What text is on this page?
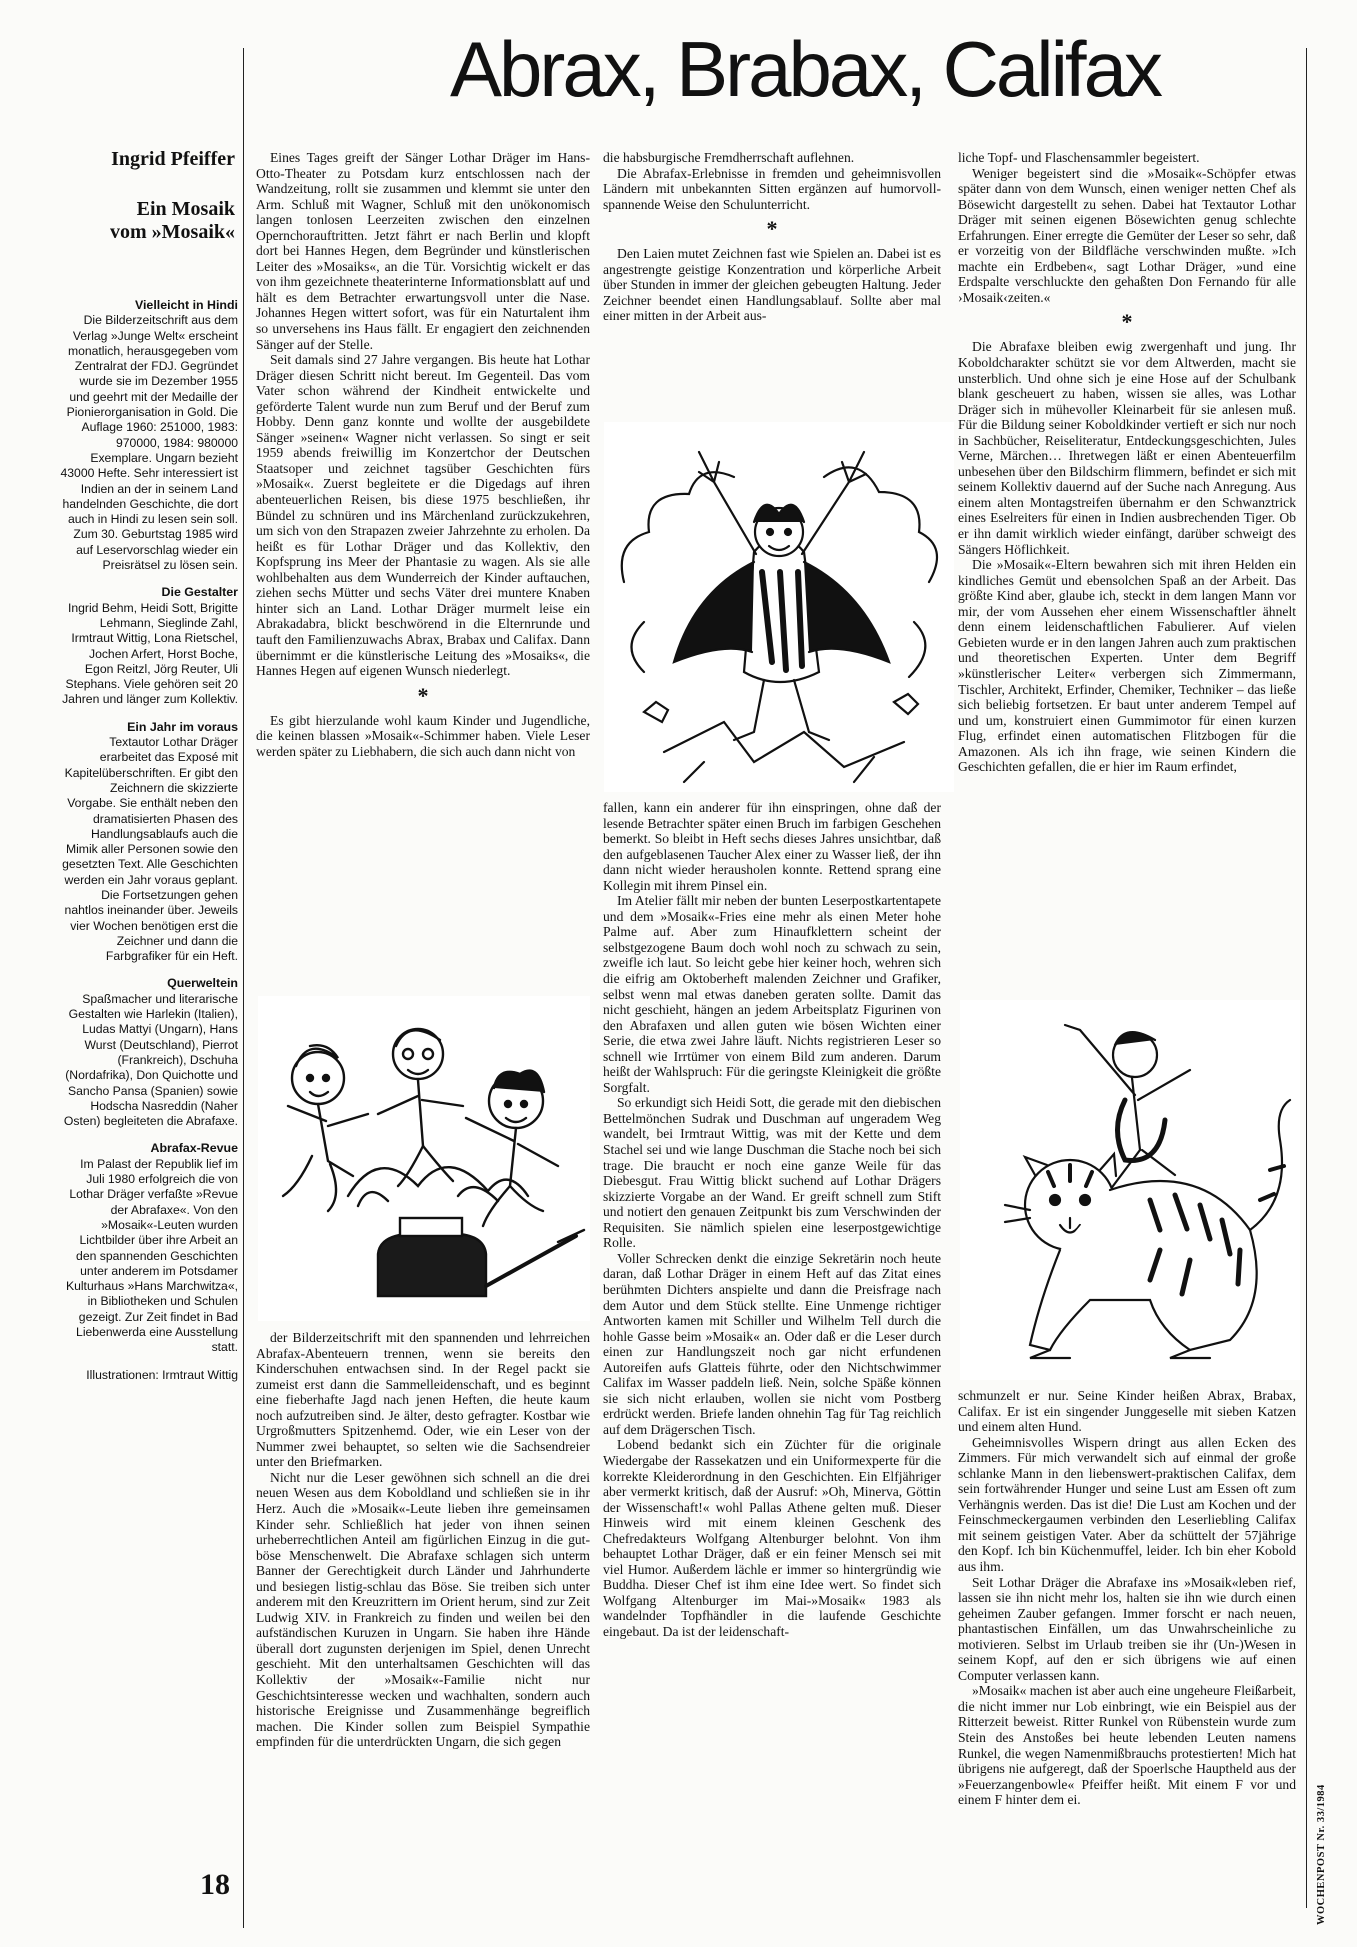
Abrax, Brabax, Califax
Ingrid Pfeiffer
Ein Mosaik vom »Mosaik«
Vielleicht in Hindi

Die Bilderzeitschrift aus dem Verlag »Junge Welt« erscheint monatlich, herausgegeben vom Zentralrat der FDJ. Gegründet wurde sie im Dezember 1955 und geehrt mit der Medaille der Pionierorganisation in Gold. Die Auflage 1960: 251000, 1983: 970000, 1984: 980000 Exemplare. Ungarn bezieht 43000 Hefte. Sehr interessiert ist Indien an der in seinem Land handelnden Geschichte, die dort auch in Hindi zu lesen sein soll. Zum 30. Geburtstag 1985 wird auf Leservorschlag wieder ein Preisrätsel zu lösen sein.

Die Gestalter

Ingrid Behm, Heidi Sott, Brigitte Lehmann, Sieglinde Zahl, Irmtraut Wittig, Lona Rietschel, Jochen Arfert, Horst Boche, Egon Reitzl, Jörg Reuter, Uli Stephans. Viele gehören seit 20 Jahren und länger zum Kollektiv.

Ein Jahr im voraus

Textautor Lothar Dräger erarbeitet das Exposé mit Kapitelüberschriften. Er gibt den Zeichnern die skizzierte Vorgabe. Sie enthält neben den dramatisierten Phasen des Handlungsablaufs auch die Mimik aller Personen sowie den gesetzten Text. Alle Geschichten werden ein Jahr voraus geplant. Die Fortsetzungen gehen nahtlos ineinander über. Jeweils vier Wochen benötigen erst die Zeichner und dann die Farbgrafiker für ein Heft.

Querweltein

Spaßmacher und literarische Gestalten wie Harlekin (Italien), Ludas Mattyi (Ungarn), Hans Wurst (Deutschland), Pierrot (Frankreich), Dschuha (Nordafrika), Don Quichotte und Sancho Pansa (Spanien) sowie Hodscha Nasreddin (Naher Osten) begleiteten die Abrafaxe.

Abrafax-Revue

Im Palast der Republik lief im Juli 1980 erfolgreich die von Lothar Dräger verfaßte »Revue der Abrafaxe«. Von den »Mosaik«-Leuten wurden Lichtbilder über ihre Arbeit an den spannenden Geschichten unter anderem im Potsdamer Kulturhaus »Hans Marchwitza«, in Bibliotheken und Schulen gezeigt. Zur Zeit findet in Bad Liebenwerda eine Ausstellung statt.

Illustrationen: Irmtraut Wittig

Eines Tages greift der Sänger Lothar Dräger im Hans-Otto-Theater zu Potsdam kurz entschlossen nach der Wandzeitung, rollt sie zusammen und klemmt sie unter den Arm. Schluß mit Wagner, Schluß mit den unökonomisch langen tonlosen Leerzeiten zwischen den einzelnen Opernchorauftritten. Jetzt fährt er nach Berlin und klopft dort bei Hannes Hegen, dem Begründer und künstlerischen Leiter des »Mosaiks«, an die Tür. Vorsichtig wickelt er das von ihm gezeichnete theaterinterne Informationsblatt auf und hält es dem Betrachter erwartungsvoll unter die Nase. Johannes Hegen wittert sofort, was für ein Naturtalent ihm so unversehens ins Haus fällt. Er engagiert den zeichnenden Sänger auf der Stelle.

Seit damals sind 27 Jahre vergangen. Bis heute hat Lothar Dräger diesen Schritt nicht bereut. Im Gegenteil. Das vom Vater schon während der Kindheit entwickelte und geförderte Talent wurde nun zum Beruf und der Beruf zum Hobby. Denn ganz konnte und wollte der ausgebildete Sänger »seinen« Wagner nicht verlassen. So singt er seit 1959 abends freiwillig im Konzertchor der Deutschen Staatsoper und zeichnet tagsüber Geschichten fürs »Mosaik«. Zuerst begleitete er die Digedags auf ihren abenteuerlichen Reisen, bis diese 1975 beschließen, ihr Bündel zu schnüren und ins Märchenland zurückzukehren, um sich von den Strapazen zweier Jahrzehnte zu erholen. Da heißt es für Lothar Dräger und das Kollektiv, den Kopfsprung ins Meer der Phantasie zu wagen. Als sie alle wohlbehalten aus dem Wunderreich der Kinder auftauchen, ziehen sechs Mütter und sechs Väter drei muntere Knaben hinter sich an Land. Lothar Dräger murmelt leise ein Abrakadabra, blickt beschwörend in die Elternrunde und tauft den Familienzuwachs Abrax, Brabax und Califax. Dann übernimmt er die künstlerische Leitung des »Mosaiks«, die Hannes Hegen auf eigenen Wunsch niederlegt.

*

Es gibt hierzulande wohl kaum Kinder und Jugendliche, die keinen blassen »Mosaik«-Schimmer haben. Viele Leser werden später zu Liebhabern, die sich auch dann nicht von

der Bilderzeitschrift mit den spannenden und lehrreichen Abrafax-Abenteuern trennen, wenn sie bereits den Kinderschuhen entwachsen sind. In der Regel packt sie zumeist erst dann die Sammelleidenschaft, und es beginnt eine fieberhafte Jagd nach jenen Heften, die heute kaum noch aufzutreiben sind. Je älter, desto gefragter. Kostbar wie Urgroßmutters Spitzenhemd. Oder, wie ein Leser von der Nummer zwei behauptet, so selten wie die Sachsendreier unter den Briefmarken.

Nicht nur die Leser gewöhnen sich schnell an die drei neuen Wesen aus dem Koboldland und schließen sie in ihr Herz. Auch die »Mosaik«-Leute lieben ihre gemeinsamen Kinder sehr. Schließlich hat jeder von ihnen seinen urheberrechtlichen Anteil am figürlichen Einzug in die gut-böse Menschenwelt. Die Abrafaxe schlagen sich unterm Banner der Gerechtigkeit durch Länder und Jahrhunderte und besiegen listig-schlau das Böse. Sie treiben sich unter anderem mit den Kreuzrittern im Orient herum, sind zur Zeit Ludwig XIV. in Frankreich zu finden und weilen bei den aufständischen Kuruzen in Ungarn. Sie haben ihre Hände überall dort zugunsten derjenigen im Spiel, denen Unrecht geschieht. Mit den unterhaltsamen Geschichten will das Kollektiv der »Mosaik«-Familie nicht nur Geschichtsinteresse wecken und wachhalten, sondern auch historische Ereignisse und Zusammenhänge begreiflich machen. Die Kinder sollen zum Beispiel Sympathie empfinden für die unterdrückten Ungarn, die sich gegen

die habsburgische Fremdherrschaft auflehnen.

Die Abrafax-Erlebnisse in fremden und geheimnisvollen Ländern mit unbekannten Sitten ergänzen auf humorvoll-spannende Weise den Schulunterricht.

*

Den Laien mutet Zeichnen fast wie Spielen an. Dabei ist es angestrengte geistige Konzentration und körperliche Arbeit über Stunden in immer der gleichen gebeugten Haltung. Jeder Zeichner beendet einen Handlungsablauf. Sollte aber mal einer mitten in der Arbeit aus-

fallen, kann ein anderer für ihn einspringen, ohne daß der lesende Betrachter später einen Bruch im farbigen Geschehen bemerkt. So bleibt in Heft sechs dieses Jahres unsichtbar, daß den aufgeblasenen Taucher Alex einer zu Wasser ließ, der ihn dann nicht wieder herausholen konnte. Rettend sprang eine Kollegin mit ihrem Pinsel ein.

Im Atelier fällt mir neben der bunten Leserpostkartentapete und dem »Mosaik«-Fries eine mehr als einen Meter hohe Palme auf. Aber zum Hinaufklettern scheint der selbstgezogene Baum doch wohl noch zu schwach zu sein, zweifle ich laut. So leicht gebe hier keiner hoch, wehren sich die eifrig am Oktoberheft malenden Zeichner und Grafiker, selbst wenn mal etwas daneben geraten sollte. Damit das nicht geschieht, hängen an jedem Arbeitsplatz Figurinen von den Abrafaxen und allen guten wie bösen Wichten einer Serie, die etwa zwei Jahre läuft. Nichts registrieren Leser so schnell wie Irrtümer von einem Bild zum anderen. Darum heißt der Wahlspruch: Für die geringste Kleinigkeit die größte Sorgfalt.

So erkundigt sich Heidi Sott, die gerade mit den diebischen Bettelmönchen Sudrak und Duschman auf ungeradem Weg wandelt, bei Irmtraut Wittig, was mit der Kette und dem Stachel sei und wie lange Duschman die Stache noch bei sich trage. Die braucht er noch eine ganze Weile für das Diebesgut. Frau Wittig blickt suchend auf Lothar Drägers skizzierte Vorgabe an der Wand. Er greift schnell zum Stift und notiert den genauen Zeitpunkt bis zum Verschwinden der Requisiten. Sie nämlich spielen eine leserpostgewichtige Rolle.

Voller Schrecken denkt die einzige Sekretärin noch heute daran, daß Lothar Dräger in einem Heft auf das Zitat eines berühmten Dichters anspielte und dann die Preisfrage nach dem Autor und dem Stück stellte. Eine Unmenge richtiger Antworten kamen mit Schiller und Wilhelm Tell durch die hohle Gasse beim »Mosaik« an. Oder daß er die Leser durch einen zur Handlungszeit noch gar nicht erfundenen Autoreifen aufs Glatteis führte, oder den Nichtschwimmer Califax im Wasser paddeln ließ. Nein, solche Späße können sie sich nicht erlauben, wollen sie nicht vom Postberg erdrückt werden. Briefe landen ohnehin Tag für Tag reichlich auf dem Drägerschen Tisch.

Lobend bedankt sich ein Züchter für die originale Wiedergabe der Rassekatzen und ein Uniformexperte für die korrekte Kleiderordnung in den Geschichten. Ein Elfjähriger aber vermerkt kritisch, daß der Ausruf: »Oh, Minerva, Göttin der Wissenschaft!« wohl Pallas Athene gelten muß. Dieser Hinweis wird mit einem kleinen Geschenk des Chefredakteurs Wolfgang Altenburger belohnt. Von ihm behauptet Lothar Dräger, daß er ein feiner Mensch sei mit viel Humor. Außerdem lächle er immer so hintergründig wie Buddha. Dieser Chef ist ihm eine Idee wert. So findet sich Wolfgang Altenburger im Mai-»Mosaik« 1983 als wandelnder Topfhändler in die laufende Geschichte eingebaut. Da ist der leidenschaft-

liche Topf- und Flaschensammler begeistert.

Weniger begeistert sind die »Mosaik«-Schöpfer etwas später dann von dem Wunsch, einen weniger netten Chef als Bösewicht dargestellt zu sehen. Dabei hat Textautor Lothar Dräger mit seinen eigenen Bösewichten genug schlechte Erfahrungen. Einer erregte die Gemüter der Leser so sehr, daß er vorzeitig von der Bildfläche verschwinden mußte. »Ich machte ein Erdbeben«, sagt Lothar Dräger, »und eine Erdspalte verschluckte den gehaßten Don Fernando für alle ›Mosaik‹zeiten.«

*

Die Abrafaxe bleiben ewig zwergenhaft und jung. Ihr Koboldcharakter schützt sie vor dem Altwerden, macht sie unsterblich. Und ohne sich je eine Hose auf der Schulbank blank gescheuert zu haben, wissen sie alles, was Lothar Dräger sich in mühevoller Kleinarbeit für sie anlesen muß. Für die Bildung seiner Koboldkinder vertieft er sich nur noch in Sachbücher, Reiseliteratur, Entdeckungsgeschichten, Jules Verne, Märchen… Ihretwegen läßt er einen Abenteuerfilm unbesehen über den Bildschirm flimmern, befindet er sich mit seinem Kollektiv dauernd auf der Suche nach Anregung. Aus einem alten Montagstreifen übernahm er den Schwanztrick eines Eselreiters für einen in Indien ausbrechenden Tiger. Ob er ihn damit wirklich wieder einfängt, darüber schweigt des Sängers Höflichkeit.

Die »Mosaik«-Eltern bewahren sich mit ihren Helden ein kindliches Gemüt und ebensolchen Spaß an der Arbeit. Das größte Kind aber, glaube ich, steckt in dem langen Mann vor mir, der vom Aussehen eher einem Wissenschaftler ähnelt denn einem leidenschaftlichen Fabulierer. Auf vielen Gebieten wurde er in den langen Jahren auch zum praktischen und theoretischen Experten. Unter dem Begriff »künstlerischer Leiter« verbergen sich Zimmermann, Tischler, Architekt, Erfinder, Chemiker, Techniker – das ließe sich beliebig fortsetzen. Er baut unter anderem Tempel auf und um, konstruiert einen Gummimotor für einen kurzen Flug, erfindet einen automatischen Flitzbogen für die Amazonen. Als ich ihn frage, wie seinen Kindern die Geschichten gefallen, die er hier im Raum erfindet,

schmunzelt er nur. Seine Kinder heißen Abrax, Brabax, Califax. Er ist ein singender Junggeselle mit sieben Katzen und einem alten Hund.

Geheimnisvolles Wispern dringt aus allen Ecken des Zimmers. Für mich verwandelt sich auf einmal der große schlanke Mann in den liebenswert-praktischen Califax, dem sein fortwährender Hunger und seine Lust am Essen oft zum Verhängnis werden. Das ist die! Die Lust am Kochen und der Feinschmeckergaumen verbinden den Leserliebling Califax mit seinem geistigen Vater. Aber da schüttelt der 57jährige den Kopf. Ich bin Küchenmuffel, leider. Ich bin eher Kobold aus ihm.

Seit Lothar Dräger die Abrafaxe ins »Mosaik«leben rief, lassen sie ihn nicht mehr los, halten sie ihn wie durch einen geheimen Zauber gefangen. Immer forscht er nach neuen, phantastischen Einfällen, um das Unwahrscheinliche zu motivieren. Selbst im Urlaub treiben sie ihr (Un-)Wesen in seinem Kopf, auf den er sich übrigens wie auf einen Computer verlassen kann.

»Mosaik« machen ist aber auch eine ungeheure Fleißarbeit, die nicht immer nur Lob einbringt, wie ein Beispiel aus der Ritterzeit beweist. Ritter Runkel von Rübenstein wurde zum Stein des Anstoßes bei heute lebenden Leuten namens Runkel, die wegen Namenmißbrauchs protestierten! Mich hat übrigens nie aufgeregt, daß der Spoerlsche Hauptheld aus der »Feuerzangenbowle« Pfeiffer heißt. Mit einem F vor und einem F hinter dem ei.

18	WOCHENPOST Nr. 33/1984
